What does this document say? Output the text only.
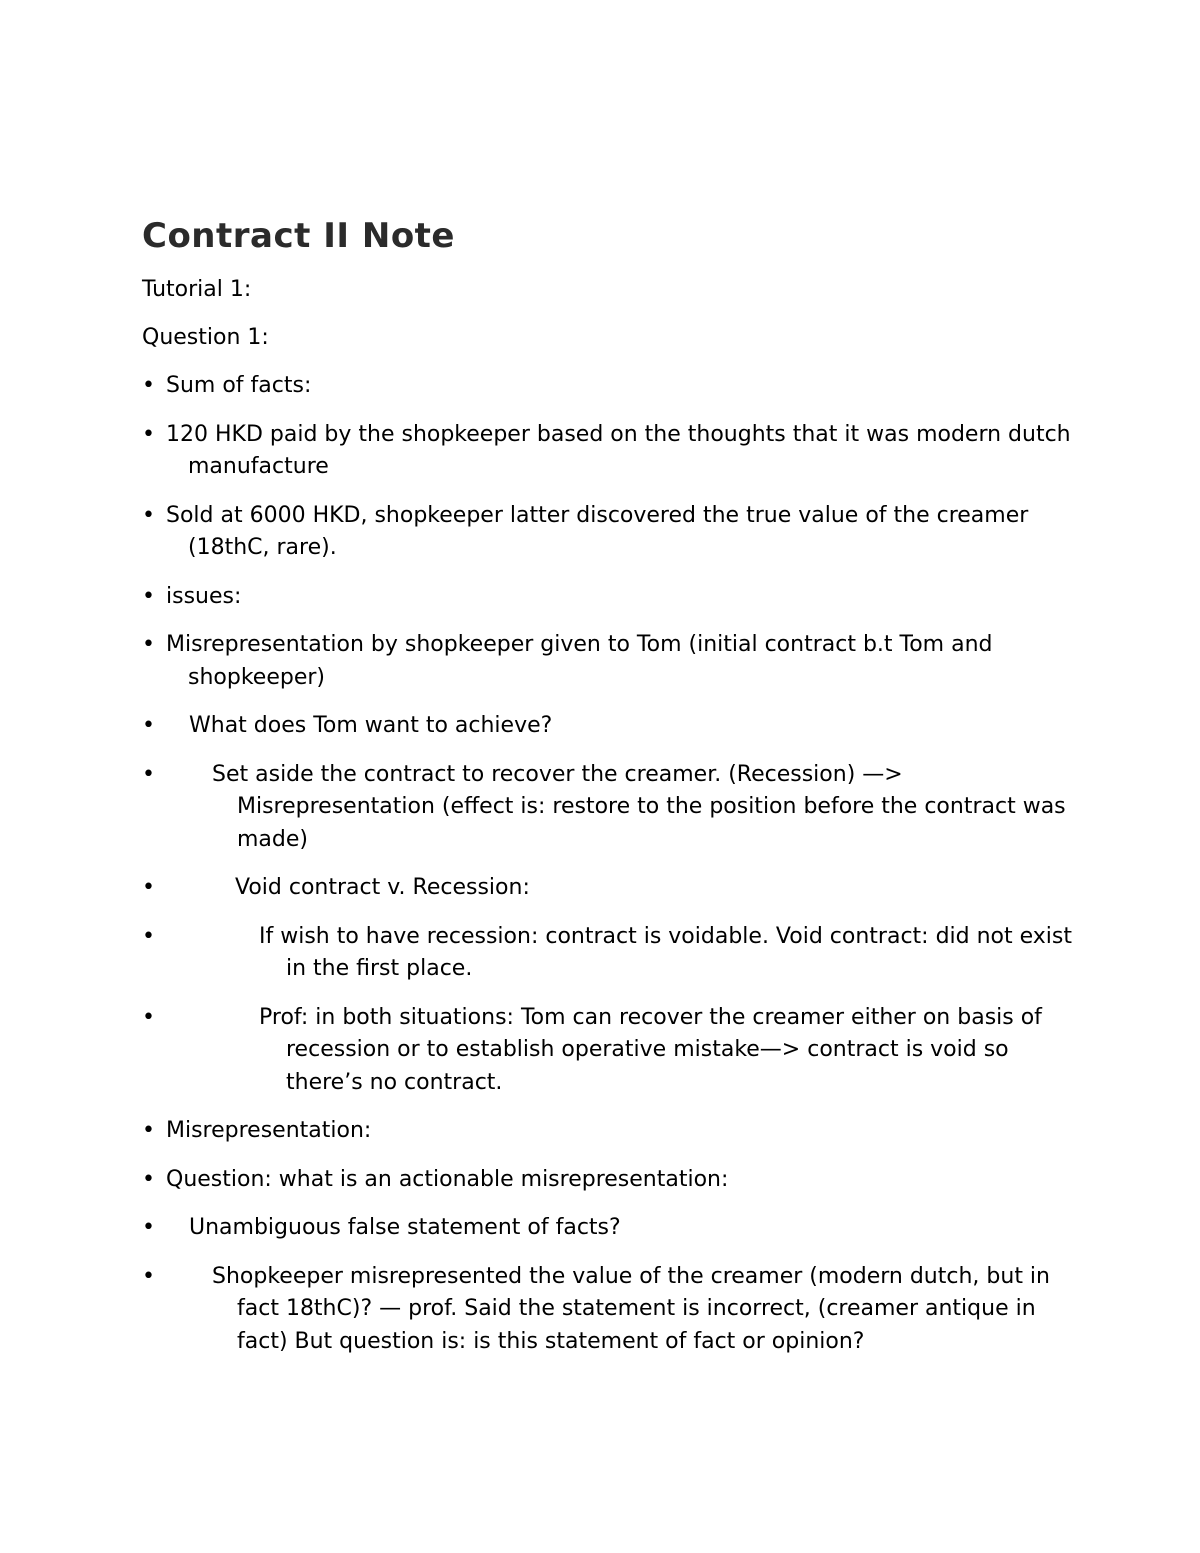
Contract II Note

Tutorial 1:

Question 1:

• Sum of facts:
• 120 HKD paid by the shopkeeper based on the thoughts that it was modern dutch manufacture
• Sold at 6000 HKD, shopkeeper latter discovered the true value of the creamer (18thC, rare).
• issues:
• Misrepresentation by shopkeeper given to Tom (initial contract b.t Tom and shopkeeper)
•	What does Tom want to achieve?
•	Set aside the contract to recover the creamer. (Recession) —> Misrepresentation (effect is: restore to the position before the contract was made)
•	Void contract v. Recession:
•	If wish to have recession: contract is voidable. Void contract: did not exist in the first place.
•	Prof: in both situations: Tom can recover the creamer either on basis of recession or to establish operative mistake—> contract is void so there’s no contract.
• Misrepresentation:
• Question: what is an actionable misrepresentation:
•	Unambiguous false statement of facts?
•	Shopkeeper misrepresented the value of the creamer (modern dutch, but in fact 18thC)? — prof. Said the statement is incorrect, (creamer antique in fact) But question is: is this statement of fact or opinion?
